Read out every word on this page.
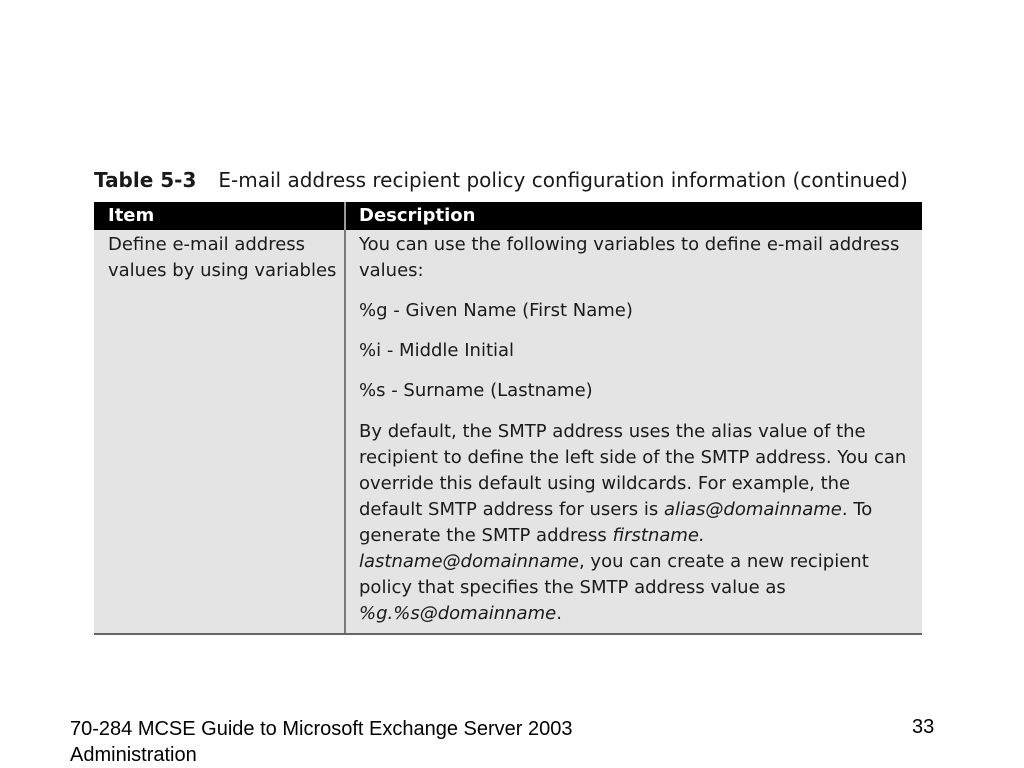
Table 5-3 E-mail address recipient policy configuration information (continued)
Item	Description
Define e-mail address values by using variables
You can use the following variables to define e-mail address values:
%g - Given Name (First Name)
%i - Middle Initial
%s - Surname (Lastname)
By default, the SMTP address uses the alias value of the recipient to define the left side of the SMTP address. You can override this default using wildcards. For example, the default SMTP address for users is alias@domainname. To generate the SMTP address firstname. lastname@domainname, you can create a new recipient policy that specifies the SMTP address value as %g.%s@domainname.
70-284 MCSE Guide to Microsoft Exchange Server 2003 Administration
33
